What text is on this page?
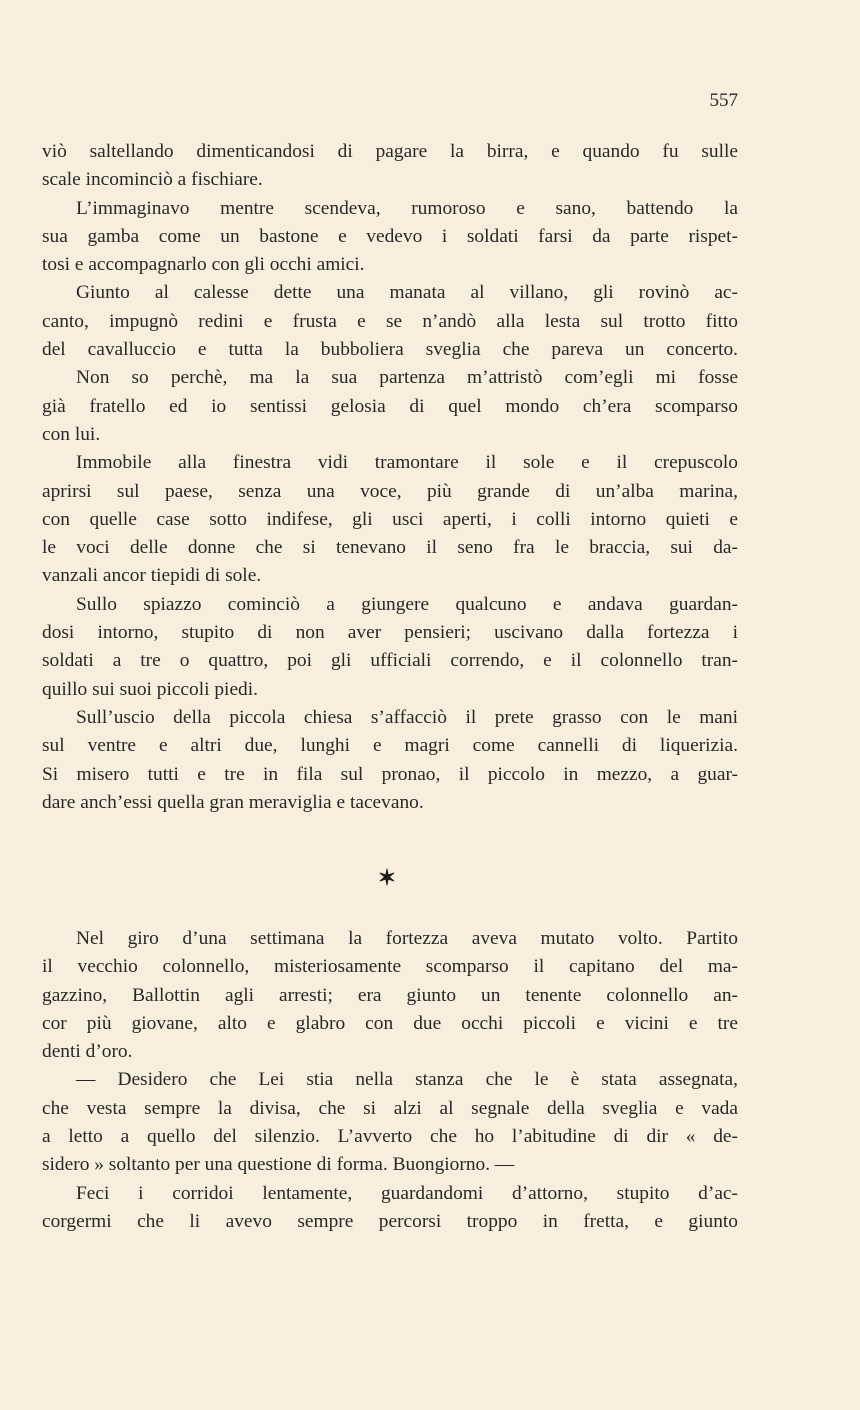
557
viò saltellando dimenticandosi di pagare la birra, e quando fu sulle
scale incominciò a fischiare.
L’immaginavo mentre scendeva, rumoroso e sano, battendo la
sua gamba come un bastone e vedevo i soldati farsi da parte rispet-
tosi e accompagnarlo con gli occhi amici.
Giunto al calesse dette una manata al villano, gli rovinò ac-
canto, impugnò redini e frusta e se n’andò alla lesta sul trotto fitto
del cavalluccio e tutta la bubboliera sveglia che pareva un concerto.
Non so perchè, ma la sua partenza m’attristò com’egli mi fosse
già fratello ed io sentissi gelosia di quel mondo ch’era scomparso
con lui.
Immobile alla finestra vidi tramontare il sole e il crepuscolo
aprirsi sul paese, senza una voce, più grande di un’alba marina,
con quelle case sotto indifese, gli usci aperti, i colli intorno quieti e
le voci delle donne che si tenevano il seno fra le braccia, sui da-
vanzali ancor tiepidi di sole.
Sullo spiazzo cominciò a giungere qualcuno e andava guardan-
dosi intorno, stupito di non aver pensieri; uscivano dalla fortezza i
soldati a tre o quattro, poi gli ufficiali correndo, e il colonnello tran-
quillo sui suoi piccoli piedi.
Sull’uscio della piccola chiesa s’affacciò il prete grasso con le mani
sul ventre e altri due, lunghi e magri come cannelli di liquerizia.
Si misero tutti e tre in fila sul pronao, il piccolo in mezzo, a guar-
dare anch’essi quella gran meraviglia e tacevano.
✶
Nel giro d’una settimana la fortezza aveva mutato volto. Partito
il vecchio colonnello, misteriosamente scomparso il capitano del ma-
gazzino, Ballottin agli arresti; era giunto un tenente colonnello an-
cor più giovane, alto e glabro con due occhi piccoli e vicini e tre
denti d’oro.
— Desidero che Lei stia nella stanza che le è stata assegnata,
che vesta sempre la divisa, che si alzi al segnale della sveglia e vada
a letto a quello del silenzio. L’avverto che ho l’abitudine di dir « de-
sidero » soltanto per una questione di forma. Buongiorno. —
Feci i corridoi lentamente, guardandomi d’attorno, stupito d’ac-
corgermi che li avevo sempre percorsi troppo in fretta, e giunto
